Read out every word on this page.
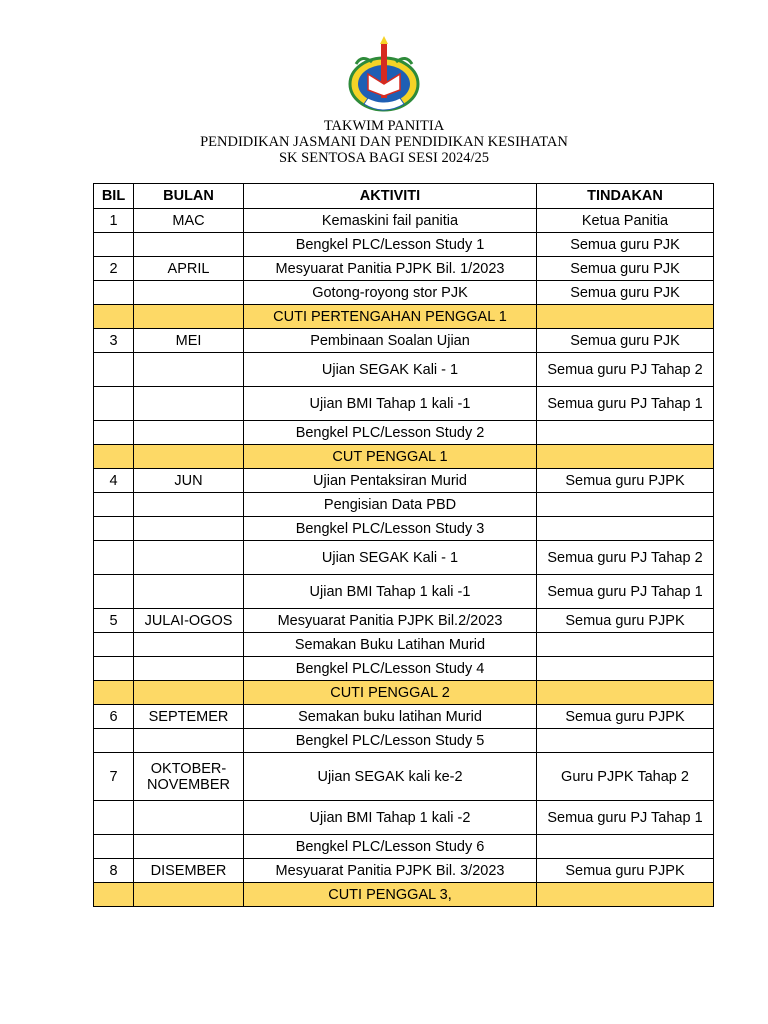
TAKWIM PANITIA
PENDIDIKAN JASMANI DAN PENDIDIKAN KESIHATAN
SK SENTOSA BAGI SESI 2024/25
BIL	BULAN	AKTIVITI	TINDAKAN
1	MAC	Kemaskini fail panitia	Ketua Panitia
		Bengkel PLC/Lesson Study 1	Semua guru PJK
2	APRIL	Mesyuarat Panitia PJPK Bil. 1/2023	Semua guru PJK
		Gotong-royong stor PJK	Semua guru PJK
		CUTI PERTENGAHAN PENGGAL 1	
3	MEI	Pembinaan Soalan Ujian	Semua guru PJK
		Ujian SEGAK Kali - 1	Semua guru PJ Tahap 2
		Ujian BMI Tahap 1 kali -1	Semua guru PJ Tahap 1
		Bengkel PLC/Lesson Study 2	
		CUT PENGGAL 1	
4	JUN	Ujian Pentaksiran Murid	Semua guru PJPK
		Pengisian Data PBD	
		Bengkel PLC/Lesson Study 3	
		Ujian SEGAK Kali - 1	Semua guru PJ Tahap 2
		Ujian BMI Tahap 1 kali -1	Semua guru PJ Tahap 1
5	JULAI-OGOS	Mesyuarat Panitia PJPK Bil.2/2023	Semua guru PJPK
		Semakan Buku Latihan Murid	
		Bengkel PLC/Lesson Study 4	
		CUTI PENGGAL 2	
6	SEPTEMER	Semakan buku latihan Murid	Semua guru PJPK
		Bengkel PLC/Lesson Study 5	
7	OKTOBER-NOVEMBER	Ujian SEGAK kali ke-2	Guru PJPK Tahap 2
		Ujian BMI Tahap 1 kali -2	Semua guru PJ Tahap 1
		Bengkel PLC/Lesson Study 6	
8	DISEMBER	Mesyuarat Panitia PJPK Bil. 3/2023	Semua guru PJPK
		CUTI PENGGAL 3,	
